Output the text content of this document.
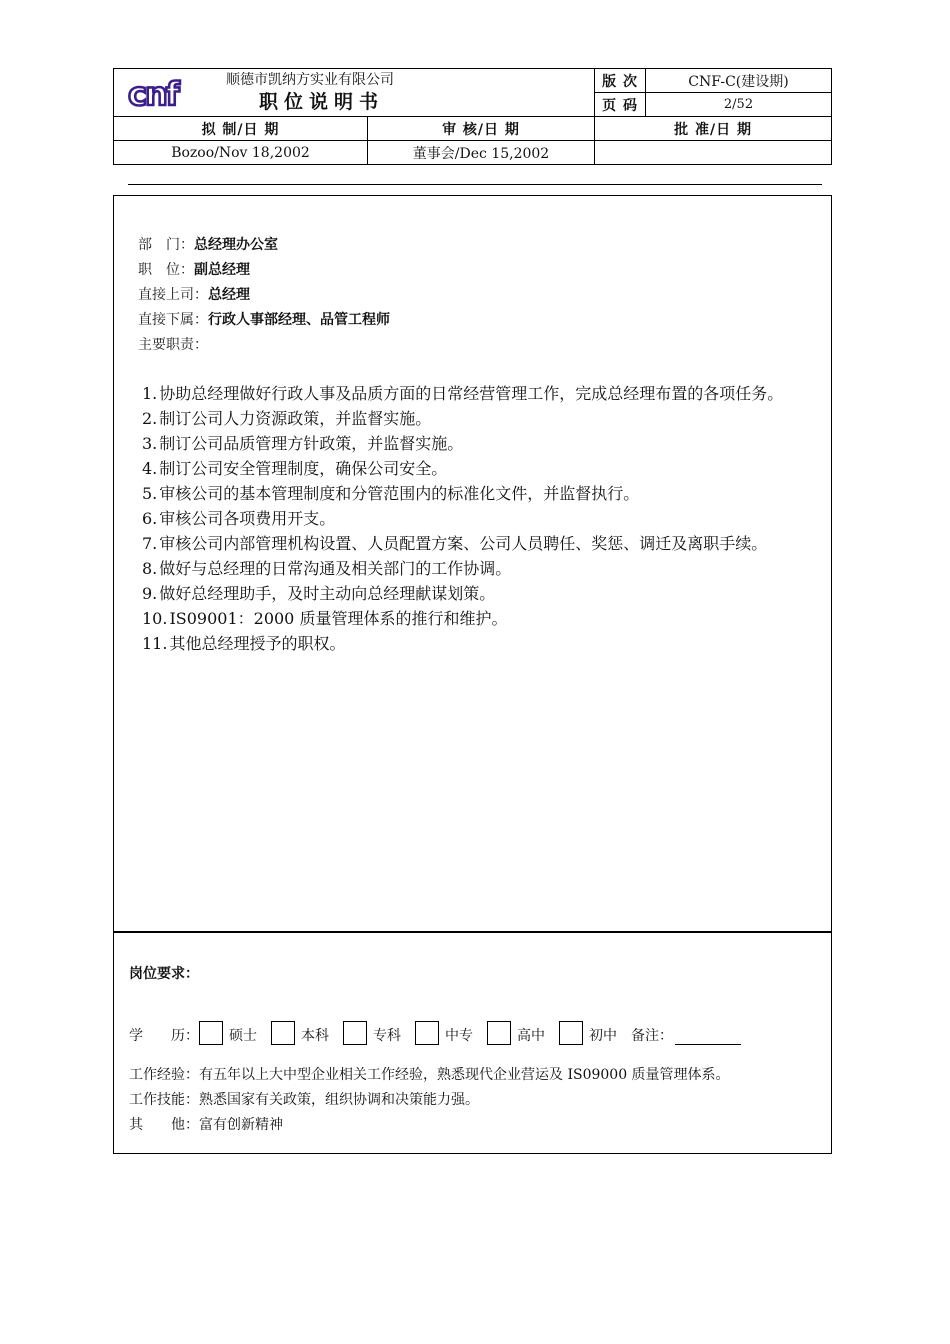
cnf 顺德市凯纳方实业有限公司
职位说明书		版 次	CNF-C(建设期)
		页 码	2/52
拟 制/日 期	审 核/日 期	批 准/日 期	
Bozoo/Nov 18,2002	董事会/Dec 15,2002		
部　门：总经理办公室
职　位：副总经理
直接上司：总经理
直接下属：行政人事部经理、品管工程师
主要职责：
1. 协助总经理做好行政人事及品质方面的日常经营管理工作，完成总经理布置的各项任务。
2. 制订公司人力资源政策，并监督实施。
3. 制订公司品质管理方针政策，并监督实施。
4. 制订公司安全管理制度，确保公司安全。
5. 审核公司的基本管理制度和分管范围内的标准化文件，并监督执行。
6. 审核公司各项费用开支。
7. 审核公司内部管理机构设置、人员配置方案、公司人员聘任、奖惩、调迁及离职手续。
8. 做好与总经理的日常沟通及相关部门的工作协调。
9. 做好总经理助手，及时主动向总经理献谋划策。
10. IS09001：2000 质量管理体系的推行和维护。
11. 其他总经理授予的职权。
岗位要求：
学　　历： 硕士	本科	专科	中专	高中	初中 备注：
工作经验：有五年以上大中型企业相关工作经验，熟悉现代企业营运及 IS09000 质量管理体系。
工作技能：熟悉国家有关政策，组织协调和决策能力强。
其　　他：富有创新精神
